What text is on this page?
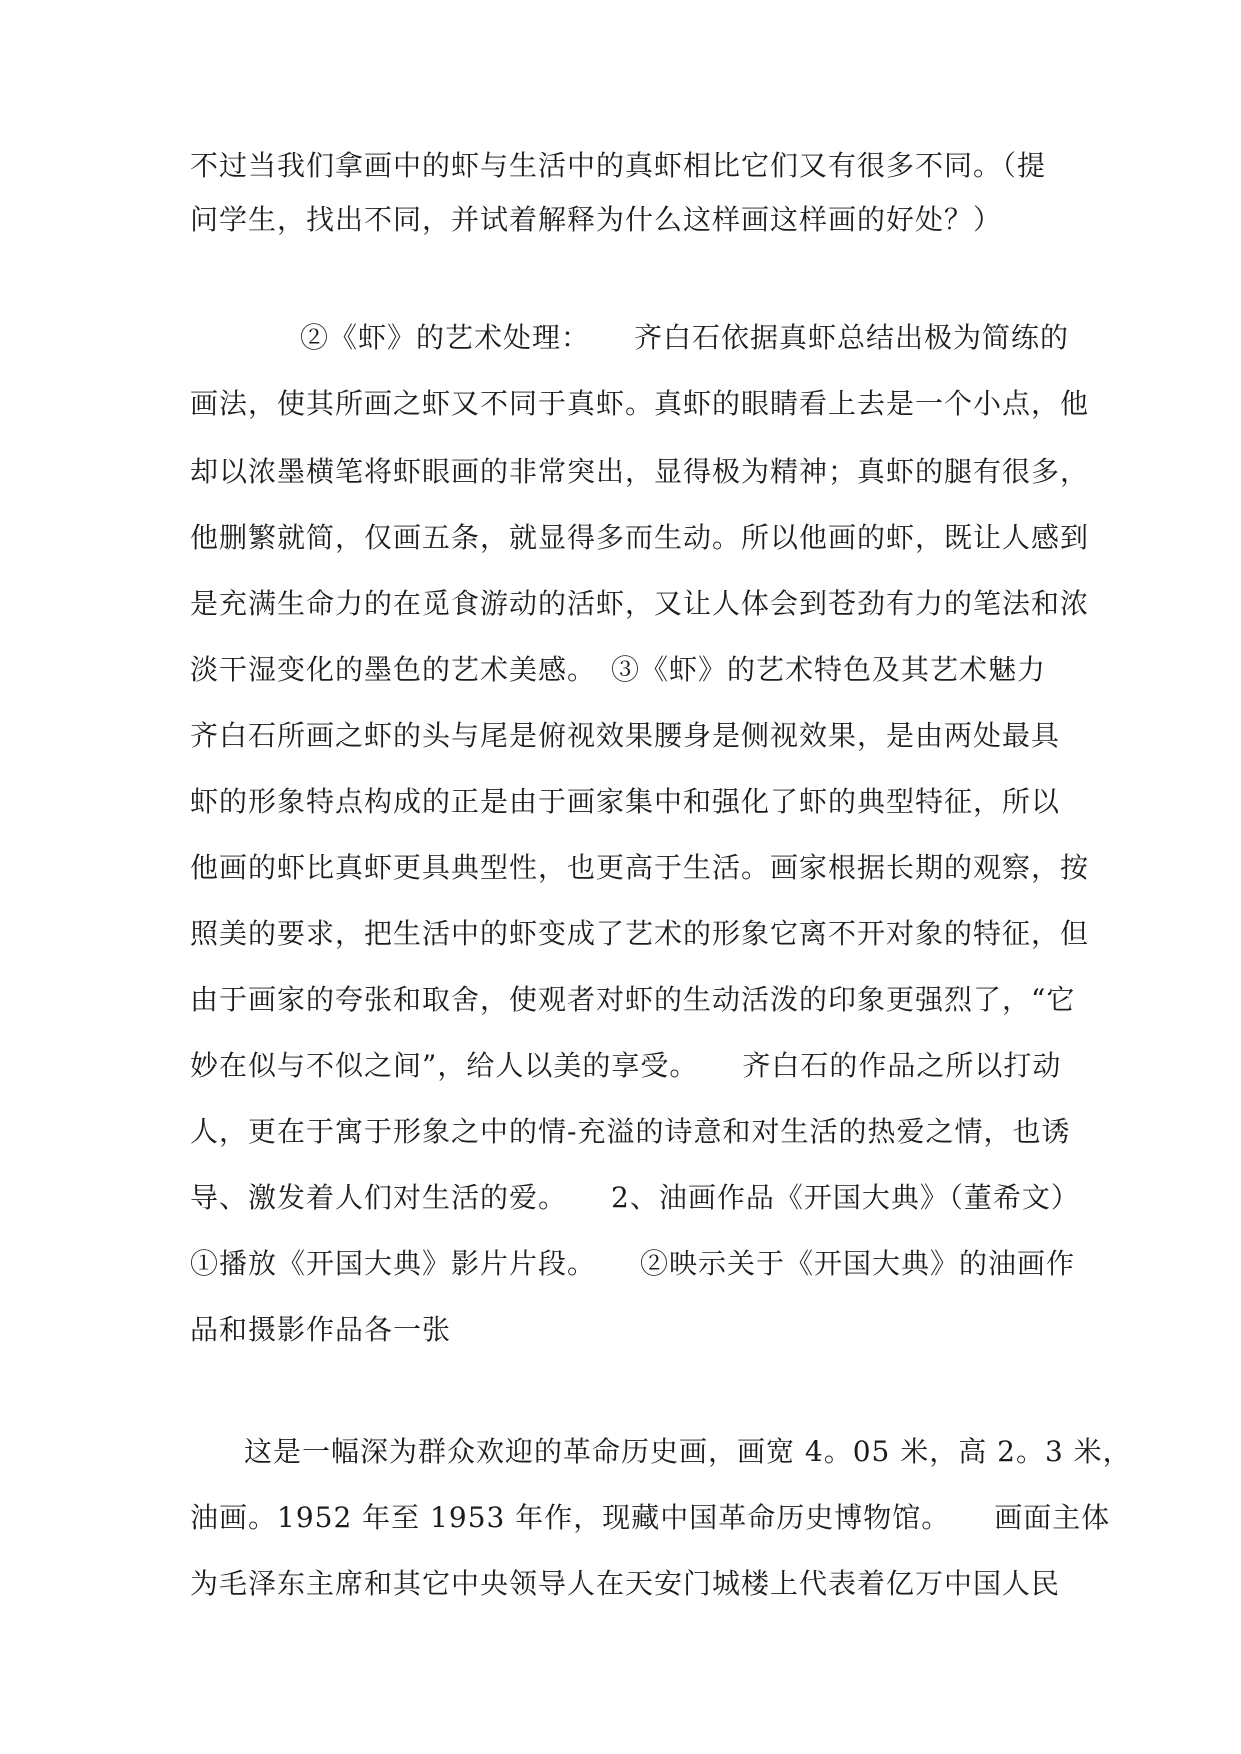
不过当我们拿画中的虾与生活中的真虾相比它们又有很多不同。（提
问学生，找出不同，并试着解释为什么这样画这样画的好处？）
②《虾》的艺术处理：　　齐白石依据真虾总结出极为简练的
画法，使其所画之虾又不同于真虾。真虾的眼睛看上去是一个小点，他
却以浓墨横笔将虾眼画的非常突出，显得极为精神；真虾的腿有很多，
他删繁就简，仅画五条，就显得多而生动。所以他画的虾，既让人感到
是充满生命力的在觅食游动的活虾，又让人体会到苍劲有力的笔法和浓
淡干湿变化的墨色的艺术美感。　③《虾》的艺术特色及其艺术魅力
齐白石所画之虾的头与尾是俯视效果腰身是侧视效果，是由两处最具
虾的形象特点构成的正是由于画家集中和强化了虾的典型特征，所以
他画的虾比真虾更具典型性，也更高于生活。画家根据长期的观察，按
照美的要求，把生活中的虾变成了艺术的形象它离不开对象的特征，但
由于画家的夸张和取舍，使观者对虾的生动活泼的印象更强烈了，“它
妙在似与不似之间”，给人以美的享受。　　齐白石的作品之所以打动
人，更在于寓于形象之中的情-充溢的诗意和对生活的热爱之情，也诱
导、激发着人们对生活的爱。　　2、油画作品《开国大典》（董希文）
①播放《开国大典》影片片段。　　②映示关于《开国大典》的油画作
品和摄影作品各一张
这是一幅深为群众欢迎的革命历史画，画宽 4。05 米，高 2。3 米，
油画。1952 年至 1953 年作，现藏中国革命历史博物馆。　　画面主体
为毛泽东主席和其它中央领导人在天安门城楼上代表着亿万中国人民
